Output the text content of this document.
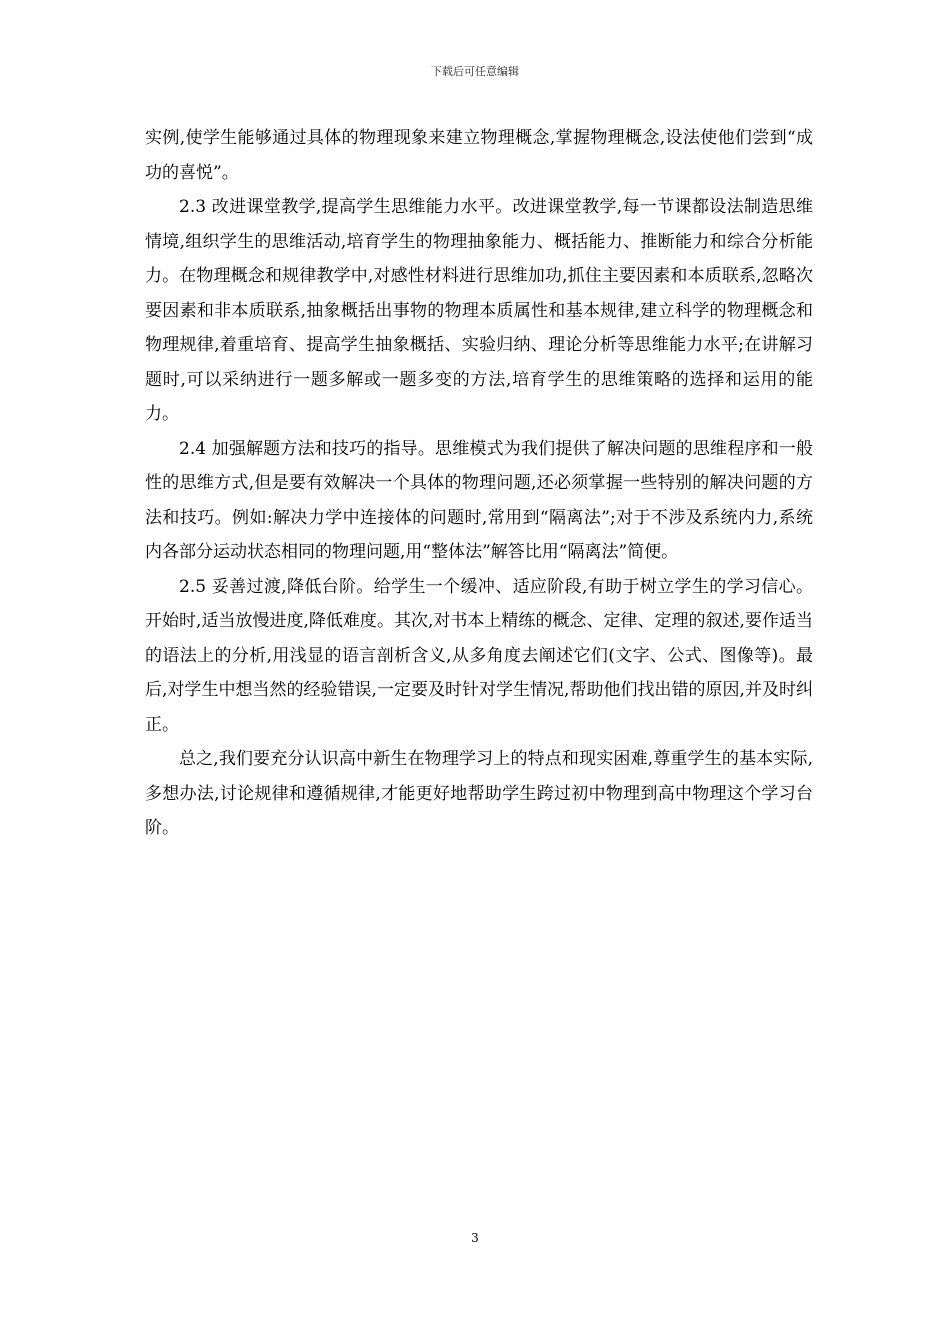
下载后可任意编辑

实例,使学生能够通过具体的物理现象来建立物理概念,掌握物理概念,设法使他们尝到“成功的喜悦”。

2.3 改进课堂教学,提高学生思维能力水平。改进课堂教学,每一节课都设法制造思维情境,组织学生的思维活动,培育学生的物理抽象能力、概括能力、推断能力和综合分析能力。在物理概念和规律教学中,对感性材料进行思维加功,抓住主要因素和本质联系,忽略次要因素和非本质联系,抽象概括出事物的物理本质属性和基本规律,建立科学的物理概念和物理规律,着重培育、提高学生抽象概括、实验归纳、理论分析等思维能力水平;在讲解习题时,可以采纳进行一题多解或一题多变的方法,培育学生的思维策略的选择和运用的能力。

2.4 加强解题方法和技巧的指导。思维模式为我们提供了解决问题的思维程序和一般性的思维方式,但是要有效解决一个具体的物理问题,还必须掌握一些特别的解决问题的方法和技巧。例如:解决力学中连接体的问题时,常用到“隔离法”;对于不涉及系统内力,系统内各部分运动状态相同的物理问题,用“整体法”解答比用“隔离法”简便。

2.5 妥善过渡,降低台阶。给学生一个缓冲、适应阶段,有助于树立学生的学习信心。开始时,适当放慢进度,降低难度。其次,对书本上精练的概念、定律、定理的叙述,要作适当的语法上的分析,用浅显的语言剖析含义,从多角度去阐述它们(文字、公式、图像等)。最后,对学生中想当然的经验错误,一定要及时针对学生情况,帮助他们找出错的原因,并及时纠正。

总之,我们要充分认识高中新生在物理学习上的特点和现实困难,尊重学生的基本实际,多想办法,讨论规律和遵循规律,才能更好地帮助学生跨过初中物理到高中物理这个学习台阶。

3
